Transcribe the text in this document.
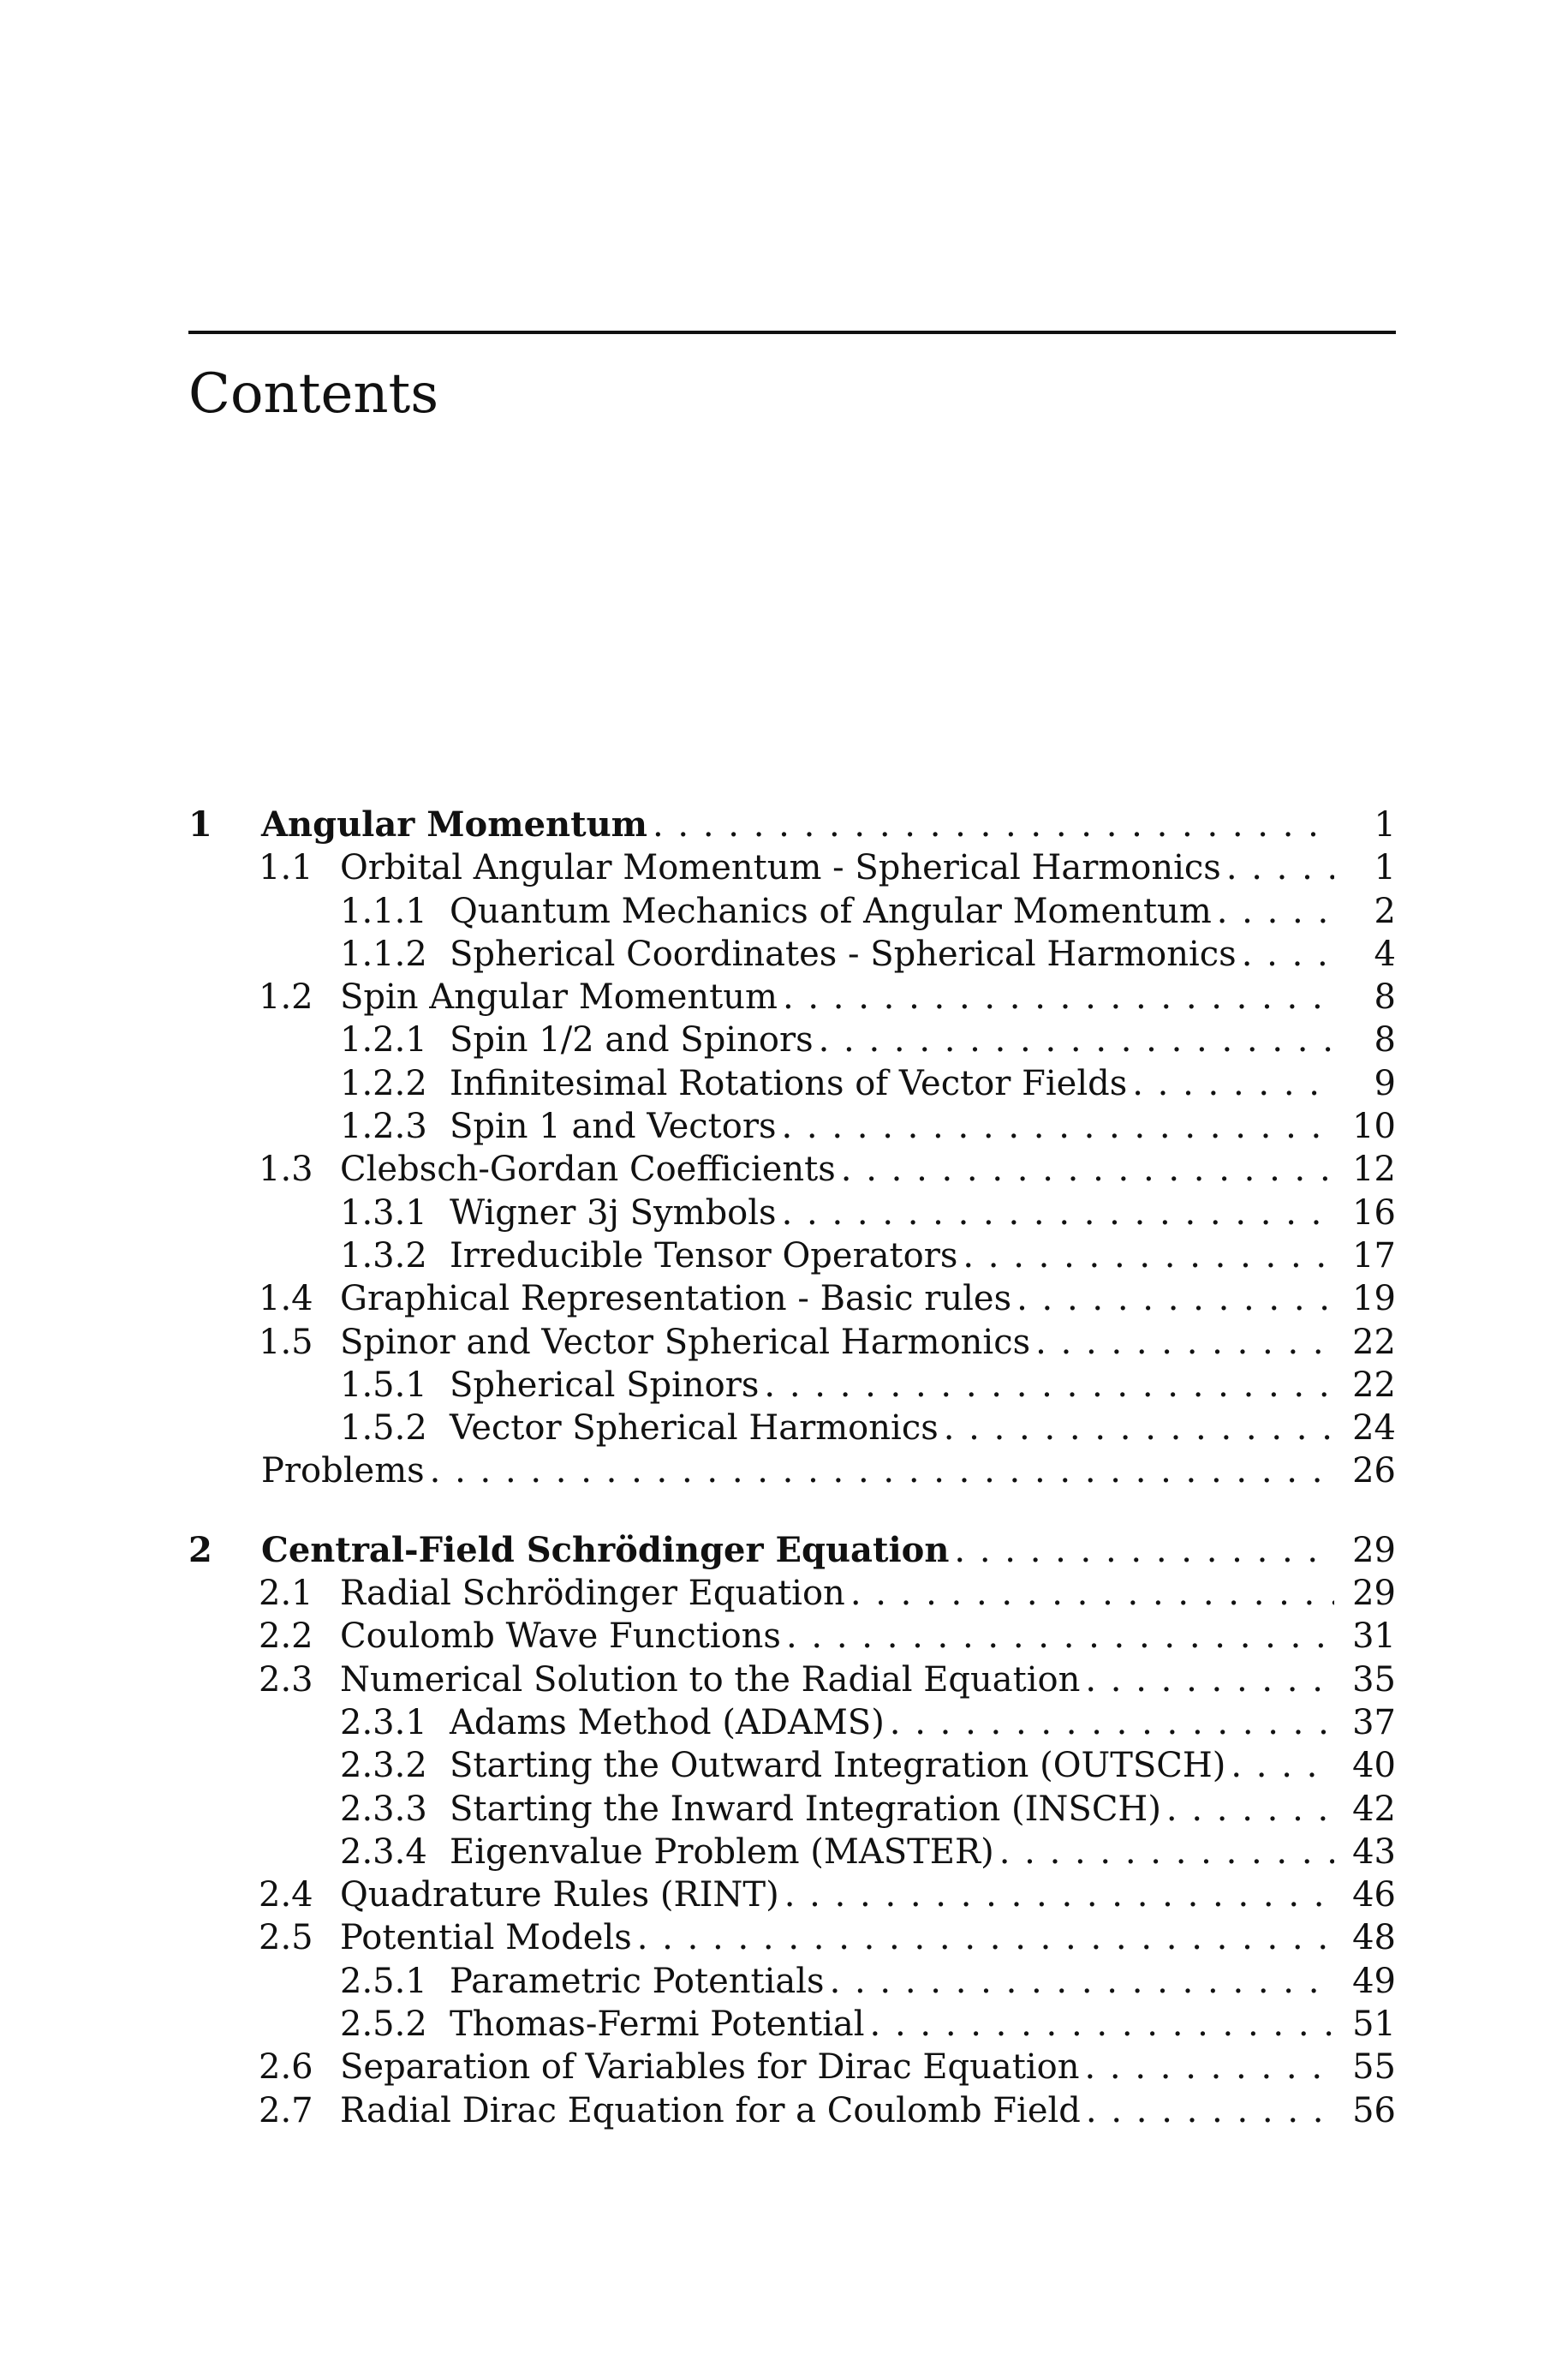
Contents
1 Angular Momentum . . .	1
1.1 Orbital Angular Momentum - Spherical Harmonics . . .	1
1.1.1 Quantum Mechanics of Angular Momentum . . .	2
1.1.2 Spherical Coordinates - Spherical Harmonics . . .	4
1.2 Spin Angular Momentum . . .	8
1.2.1 Spin 1/2 and Spinors . . .	8
1.2.2 Infinitesimal Rotations of Vector Fields . . .	9
1.2.3 Spin 1 and Vectors . . .	10
1.3 Clebsch-Gordan Coefficients . . .	12
1.3.1 Wigner 3j Symbols . . .	16
1.3.2 Irreducible Tensor Operators . . .	17
1.4 Graphical Representation - Basic rules . . .	19
1.5 Spinor and Vector Spherical Harmonics . . .	22
1.5.1 Spherical Spinors . . .	22
1.5.2 Vector Spherical Harmonics . . .	24
Problems . . .	26
2 Central-Field Schrödinger Equation . . .	29
2.1 Radial Schrödinger Equation . . .	29
2.2 Coulomb Wave Functions . . .	31
2.3 Numerical Solution to the Radial Equation . . .	35
2.3.1 Adams Method (ADAMS) . . .	37
2.3.2 Starting the Outward Integration (OUTSCH) . . .	40
2.3.3 Starting the Inward Integration (INSCH) . . .	42
2.3.4 Eigenvalue Problem (MASTER) . . .	43
2.4 Quadrature Rules (RINT) . . .	46
2.5 Potential Models . . .	48
2.5.1 Parametric Potentials . . .	49
2.5.2 Thomas-Fermi Potential . . .	51
2.6 Separation of Variables for Dirac Equation . . .	55
2.7 Radial Dirac Equation for a Coulomb Field . . .	56
